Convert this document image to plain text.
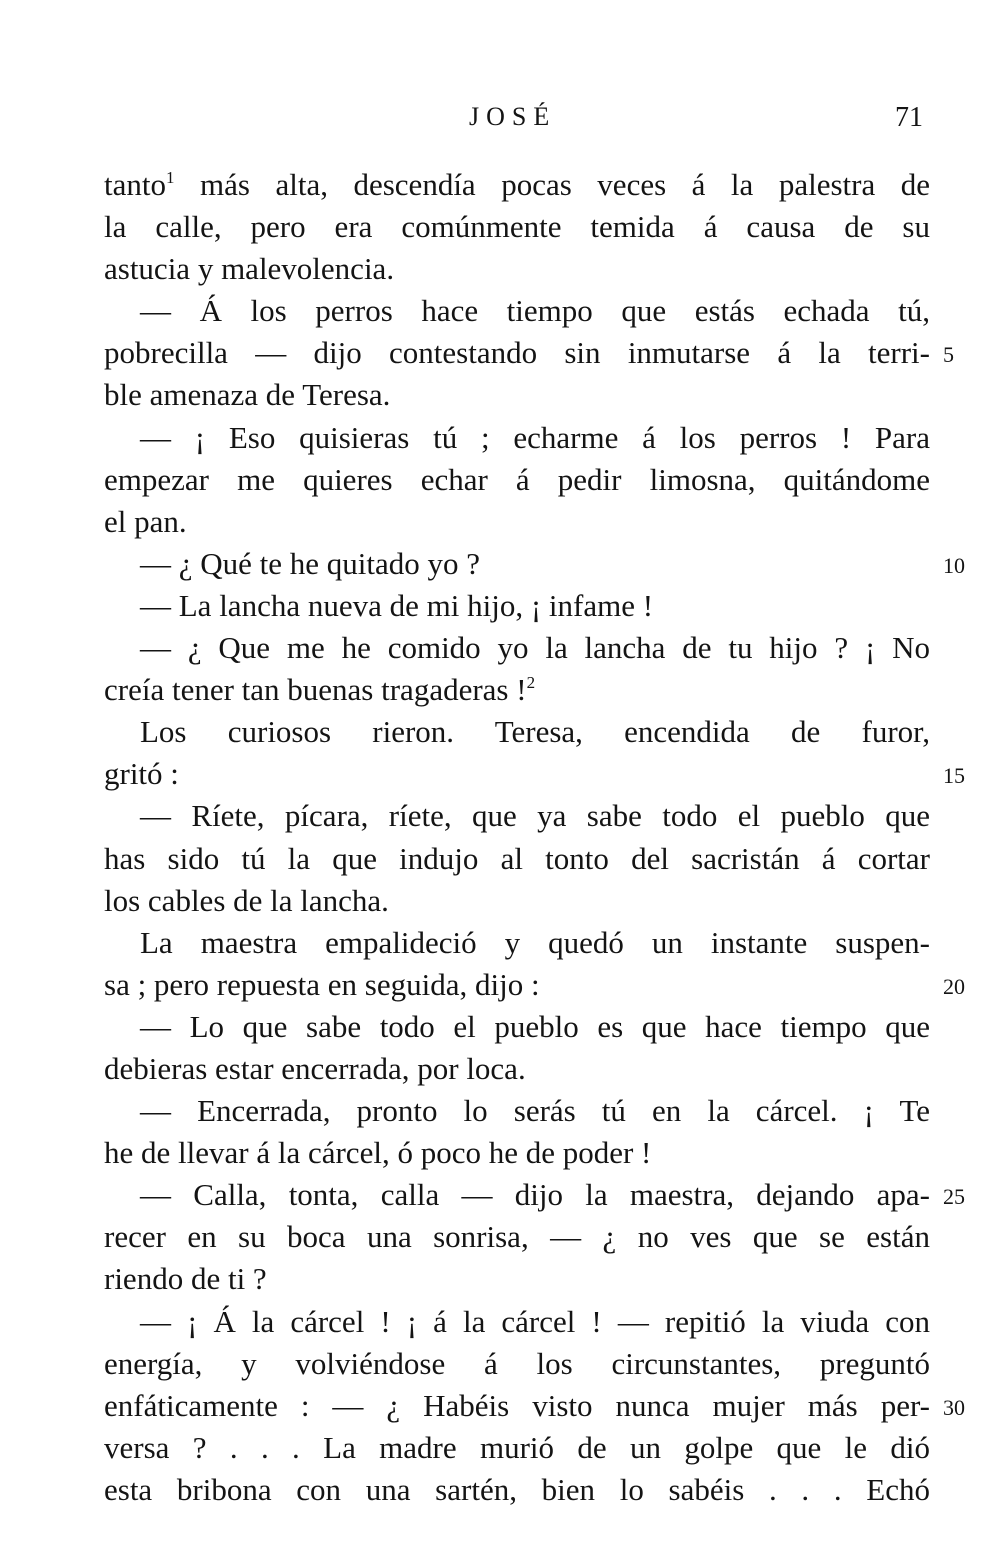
JOSÉ	71
tanto$^1$ más alta, descendía pocas veces á la palestra de
la calle, pero era comúnmente temida á causa de su
astucia y malevolencia.
— Á los perros hace tiempo que estás echada tú,
pobrecilla — dijo contestando sin inmutarse á la terri- 5
ble amenaza de Teresa.
— ¡ Eso quisieras tú ; echarme á los perros ! Para
empezar me quieres echar á pedir limosna, quitándome
el pan.
— ¿ Qué te he quitado yo ?	10
— La lancha nueva de mi hijo, ¡ infame !
— ¿ Que me he comido yo la lancha de tu hijo ? ¡ No
creía tener tan buenas tragaderas !$^2$
Los curiosos rieron. Teresa, encendida de furor,
gritó :	15
— Ríete, pícara, ríete, que ya sabe todo el pueblo que
has sido tú la que indujo al tonto del sacristán á cortar
los cables de la lancha.
La maestra empalideció y quedó un instante suspen-
sa ; pero repuesta en seguida, dijo :	20
— Lo que sabe todo el pueblo es que hace tiempo que
debieras estar encerrada, por loca.
— Encerrada, pronto lo serás tú en la cárcel. ¡ Te
he de llevar á la cárcel, ó poco he de poder !
— Calla, tonta, calla — dijo la maestra, dejando apa- 25
recer en su boca una sonrisa, — ¿ no ves que se están
riendo de ti ?
— ¡ Á la cárcel ! ¡ á la cárcel ! — repitió la viuda con
energía, y volviéndose á los circunstantes, preguntó
enfáticamente : — ¿ Habéis visto nunca mujer más per- 30
versa ? . . . La madre murió de un golpe que le dió
esta bribona con una sartén, bien lo sabéis . . . Echó
